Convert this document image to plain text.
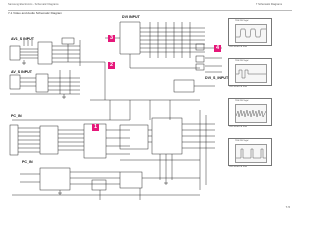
Samsung Electronics - Schematic Diagrams	7 Schematic Diagrams
7-1 Video and Audio Schematic Diagram
AV1_S INPUT
AV_S INPUT
DVI INPUT
PC_IN
DVI_S_INPUT
PC_IN
3
2
4
1
TDS 220 Trig'd
CH1 500mV M 10us
TDS 220 Trig'd
CH1 500mV M 10us
TDS 220 Trig'd
CH1 500mV M 10us
TDS 220 Trig'd
CH1 500mV M 10us
7-5
